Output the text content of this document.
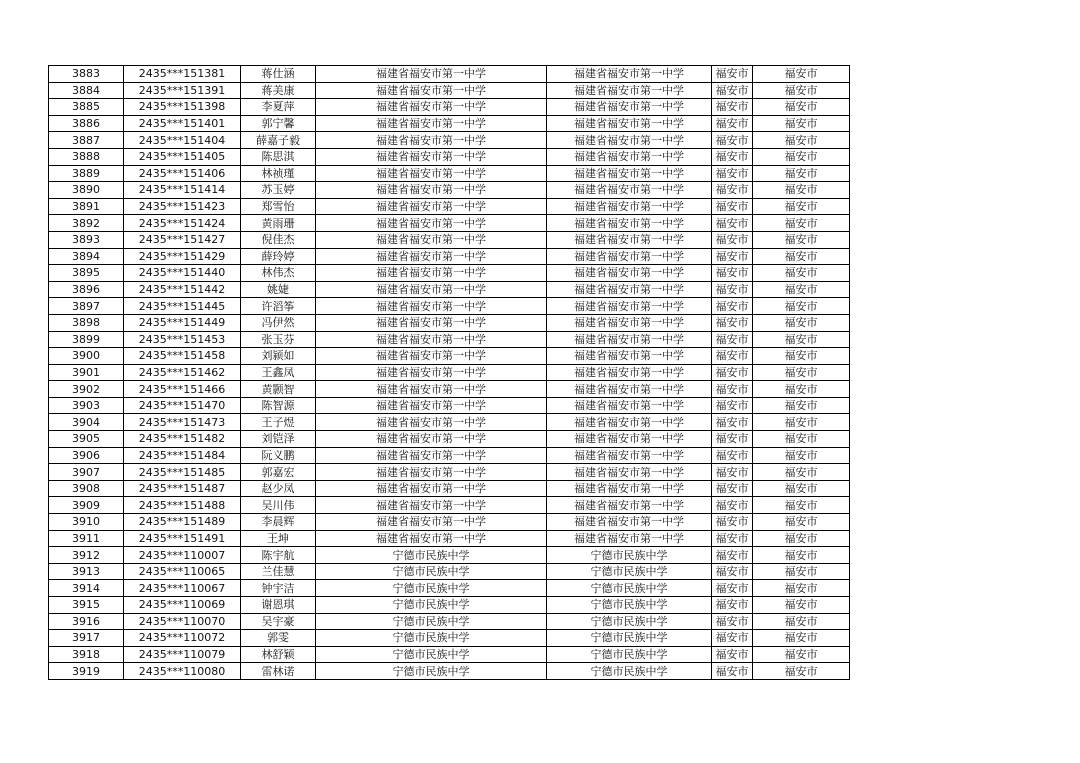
3883	2435***151381	蒋仕涵	福建省福安市第一中学	福建省福安市第一中学	福安市	福安市
3884	2435***151391	蒋美康	福建省福安市第一中学	福建省福安市第一中学	福安市	福安市
3885	2435***151398	李夏萍	福建省福安市第一中学	福建省福安市第一中学	福安市	福安市
3886	2435***151401	郭宁馨	福建省福安市第一中学	福建省福安市第一中学	福安市	福安市
3887	2435***151404	薛嘉子毅	福建省福安市第一中学	福建省福安市第一中学	福安市	福安市
3888	2435***151405	陈思淇	福建省福安市第一中学	福建省福安市第一中学	福安市	福安市
3889	2435***151406	林祯瑾	福建省福安市第一中学	福建省福安市第一中学	福安市	福安市
3890	2435***151414	苏玉婷	福建省福安市第一中学	福建省福安市第一中学	福安市	福安市
3891	2435***151423	郑雪怡	福建省福安市第一中学	福建省福安市第一中学	福安市	福安市
3892	2435***151424	黄雨珊	福建省福安市第一中学	福建省福安市第一中学	福安市	福安市
3893	2435***151427	倪佳杰	福建省福安市第一中学	福建省福安市第一中学	福安市	福安市
3894	2435***151429	薛玲婷	福建省福安市第一中学	福建省福安市第一中学	福安市	福安市
3895	2435***151440	林伟杰	福建省福安市第一中学	福建省福安市第一中学	福安市	福安市
3896	2435***151442	姚婕	福建省福安市第一中学	福建省福安市第一中学	福安市	福安市
3897	2435***151445	许滔筝	福建省福安市第一中学	福建省福安市第一中学	福安市	福安市
3898	2435***151449	冯伊然	福建省福安市第一中学	福建省福安市第一中学	福安市	福安市
3899	2435***151453	张玉芬	福建省福安市第一中学	福建省福安市第一中学	福安市	福安市
3900	2435***151458	刘颍如	福建省福安市第一中学	福建省福安市第一中学	福安市	福安市
3901	2435***151462	王鑫凤	福建省福安市第一中学	福建省福安市第一中学	福安市	福安市
3902	2435***151466	黄颢智	福建省福安市第一中学	福建省福安市第一中学	福安市	福安市
3903	2435***151470	陈智源	福建省福安市第一中学	福建省福安市第一中学	福安市	福安市
3904	2435***151473	王子煜	福建省福安市第一中学	福建省福安市第一中学	福安市	福安市
3905	2435***151482	刘铠泽	福建省福安市第一中学	福建省福安市第一中学	福安市	福安市
3906	2435***151484	阮义鹏	福建省福安市第一中学	福建省福安市第一中学	福安市	福安市
3907	2435***151485	郭嘉宏	福建省福安市第一中学	福建省福安市第一中学	福安市	福安市
3908	2435***151487	赵少凤	福建省福安市第一中学	福建省福安市第一中学	福安市	福安市
3909	2435***151488	吴川伟	福建省福安市第一中学	福建省福安市第一中学	福安市	福安市
3910	2435***151489	李晨辉	福建省福安市第一中学	福建省福安市第一中学	福安市	福安市
3911	2435***151491	王坤	福建省福安市第一中学	福建省福安市第一中学	福安市	福安市
3912	2435***110007	陈宇航	宁德市民族中学	宁德市民族中学	福安市	福安市
3913	2435***110065	兰佳慧	宁德市民族中学	宁德市民族中学	福安市	福安市
3914	2435***110067	钟宇洁	宁德市民族中学	宁德市民族中学	福安市	福安市
3915	2435***110069	谢恩琪	宁德市民族中学	宁德市民族中学	福安市	福安市
3916	2435***110070	吴宇豪	宁德市民族中学	宁德市民族中学	福安市	福安市
3917	2435***110072	郭雯	宁德市民族中学	宁德市民族中学	福安市	福安市
3918	2435***110079	林舒颖	宁德市民族中学	宁德市民族中学	福安市	福安市
3919	2435***110080	雷林诺	宁德市民族中学	宁德市民族中学	福安市	福安市
